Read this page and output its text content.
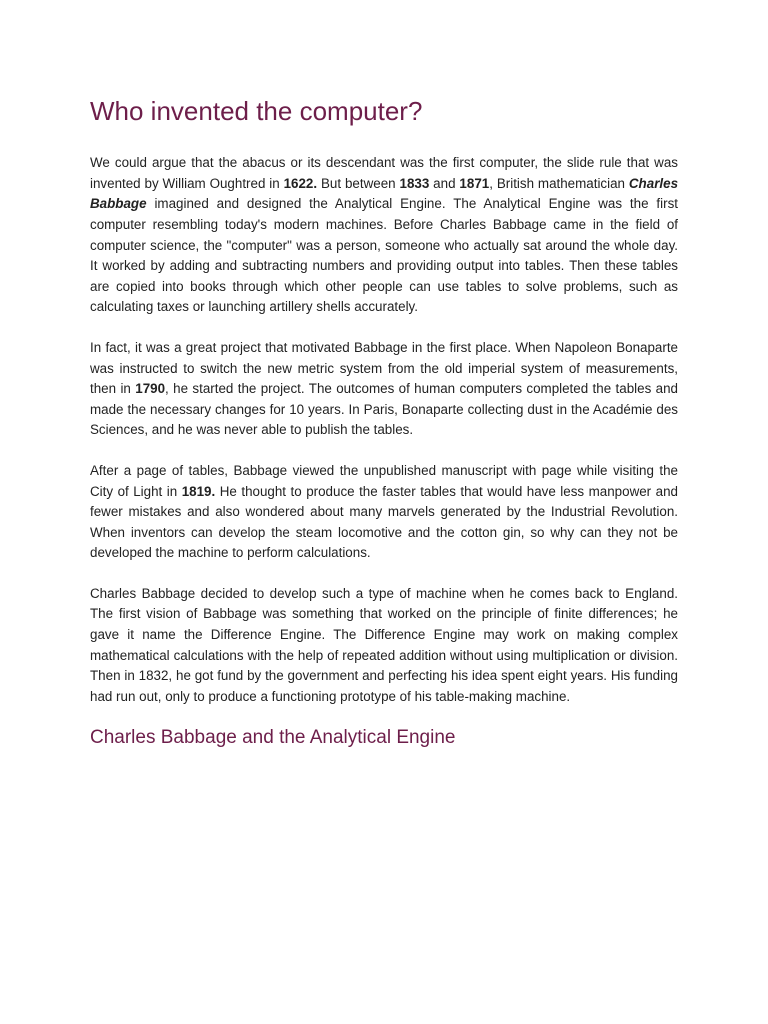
Who invented the computer?

We could argue that the abacus or its descendant was the first computer, the slide rule that was invented by William Oughtred in 1622. But between 1833 and 1871, British mathematician Charles Babbage imagined and designed the Analytical Engine. The Analytical Engine was the first computer resembling today's modern machines. Before Charles Babbage came in the field of computer science, the "computer" was a person, someone who actually sat around the whole day. It worked by adding and subtracting numbers and providing output into tables. Then these tables are copied into books through which other people can use tables to solve problems, such as calculating taxes or launching artillery shells accurately.

In fact, it was a great project that motivated Babbage in the first place. When Napoleon Bonaparte was instructed to switch the new metric system from the old imperial system of measurements, then in 1790, he started the project. The outcomes of human computers completed the tables and made the necessary changes for 10 years. In Paris, Bonaparte collecting dust in the Académie des Sciences, and he was never able to publish the tables.

After a page of tables, Babbage viewed the unpublished manuscript with page while visiting the City of Light in 1819. He thought to produce the faster tables that would have less manpower and fewer mistakes and also wondered about many marvels generated by the Industrial Revolution. When inventors can develop the steam locomotive and the cotton gin, so why can they not be developed the machine to perform calculations.

Charles Babbage decided to develop such a type of machine when he comes back to England. The first vision of Babbage was something that worked on the principle of finite differences; he gave it name the Difference Engine. The Difference Engine may work on making complex mathematical calculations with the help of repeated addition without using multiplication or division. Then in 1832, he got fund by the government and perfecting his idea spent eight years. His funding had run out, only to produce a functioning prototype of his table-making machine.

Charles Babbage and the Analytical Engine
